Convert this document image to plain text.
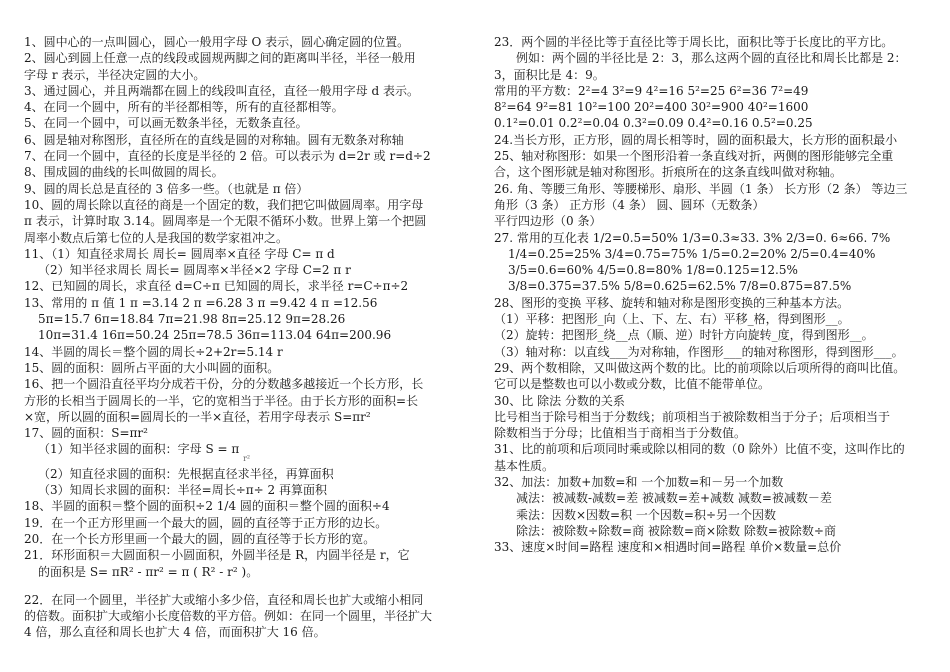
1、圆中心的一点叫圆心，圆心一般用字母 O 表示，圆心确定圆的位置。
2、圆心到圆上任意一点的线段或圆规两脚之间的距离叫半径，半径一般用
字母 r 表示，半径决定圆的大小。
3、通过圆心，并且两端都在圆上的线段叫直径，直径一般用字母 d 表示。
4、在同一个圆中，所有的半径都相等，所有的直径都相等。
5、在同一个圆中，可以画无数条半径，无数条直径。
6、圆是轴对称图形，直径所在的直线是圆的对称轴。圆有无数条对称轴
7、在同一个圆中，直径的长度是半径的 2 倍。可以表示为 d=2r 或 r=d÷2
8、围成圆的曲线的长叫做圆的周长。
9、圆的周长总是直径的 3 倍多一些。（也就是 π 倍）
10、圆的周长除以直径的商是一个固定的数，我们把它叫做圆周率。用字母
π 表示，计算时取 3.14。圆周率是一个无限不循环小数。世界上第一个把圆
周率小数点后第七位的人是我国的数学家祖冲之。
11、（1）知直径求周长 周长= 圆周率×直径 字母 C= π d
（2）知半径求周长 周长= 圆周率×半径×2 字母 C=2 π r
12、已知圆的周长，求直径 d=C÷π 已知圆的周长，求半径 r=C÷π÷2
13、常用的 π 值 1 π =3.14 2 π =6.28 3 π =9.42 4 π =12.56
5π=15.7 6π=18.84 7π=21.98 8π=25.12 9π=28.26
10π=31.4 16π=50.24 25π=78.5 36π=113.04 64π=200.96
14、半圆的周长＝整个圆的周长÷2+2r=5.14 r
15、圆的面积：圆所占平面的大小叫圆的面积。
16、把一个圆沿直径平均分成若干份，分的分数越多越接近一个长方形，长
方形的长相当于圆周长的一半，它的宽相当于半径。由于长方形的面积=长
×宽，所以圆的面积=圆周长的一半×直径，若用字母表示 S=πr²
17、圆的面积：S=πr²
（1）知半径求圆的面积：字母 S = π $_{r^2}$
（2）知直径求圆的面积：先根据直径求半径，再算面积
（3）知周长求圆的面积：半径=周长÷π÷ 2 再算面积
18、半圆的面积＝整个圆的面积÷2 1/4 圆的面积＝整个圆的面积÷4
19．在一个正方形里画一个最大的圆，圆的直径等于正方形的边长。
20．在一个长方形里画一个最大的圆，圆的直径等于长方形的宽。
21．环形面积＝大圆面积－小圆面积，外圆半径是 R，内圆半径是 r，它
的面积是 S= πR² - πr² = π ( R² - r² )。
22．在同一个圆里，半径扩大或缩小多少倍，直径和周长也扩大或缩小相同
的倍数。面积扩大或缩小长度倍数的平方倍。例如：在同一个圆里，半径扩大
4 倍，那么直径和周长也扩大 4 倍，而面积扩大 16 倍。
23．两个圆的半径比等于直径比等于周长比，面积比等于长度比的平方比。
例如：两个圆的半径比是 2：3，那么这两个圆的直径比和周长比都是 2：
3，面积比是 4：9。
常用的平方数：2²=4 3²=9 4²=16 5²=25 6²=36 7²=49
8²=64 9²=81 10²=100 20²=400 30²=900 40²=1600
0.1²=0.01 0.2²=0.04 0.3²=0.09 0.4²=0.16 0.5²=0.25
24.当长方形，正方形，圆的周长相等时，圆的面积最大，长方形的面积最小
25、轴对称图形：如果一个图形沿着一条直线对折，两侧的图形能够完全重
合，这个图形就是轴对称图形。折痕所在的这条直线叫做对称轴。
26. 角、等腰三角形、等腰梯形、扇形、半圆（1 条） 长方形（2 条） 等边三
角形（3 条） 正方形（4 条） 圆、圆环（无数条）
平行四边形（0 条）
27. 常用的互化表 1/2=0.5=50% 1/3=0.3≈33. 3% 2/3=0. 6≈66. 7%
1/4=0.25=25% 3/4=0.75=75% 1/5=0.2=20% 2/5=0.4=40%
3/5=0.6=60% 4/5=0.8=80% 1/8=0.125=12.5%
3/8=0.375=37.5% 5/8=0.625=62.5% 7/8=0.875=87.5%
28、图形的变换 平移、旋转和轴对称是图形变换的三种基本方法。
（1）平移：把图形_向（上、下、左、右）平移_格，得到图形__。
（2）旋转：把图形_绕__点（顺、逆）时针方向旋转_度，得到图形__。
（3）轴对称：以直线___为对称轴，作图形___的轴对称图形，得到图形___。
29、两个数相除，又叫做这两个数的比。比的前项除以后项所得的商叫比值。
它可以是整数也可以小数或分数，比值不能带单位。
30、比 除法 分数的关系
比号相当于除号相当于分数线；前项相当于被除数相当于分子；后项相当于
除数相当于分母；比值相当于商相当于分数值。
31、比的前项和后项同时乘或除以相同的数（0 除外）比值不变，这叫作比的
基本性质。
32、加法：加数+加数=和 一个加数=和－另一个加数
减法：被减数-减数=差 被减数=差+减数 减数=被减数－差
乘法：因数×因数=积 一个因数=积÷另一个因数
除法：被除数÷除数=商 被除数=商×除数 除数=被除数÷商
33、速度×时间=路程 速度和×相遇时间=路程 单价×数量=总价
